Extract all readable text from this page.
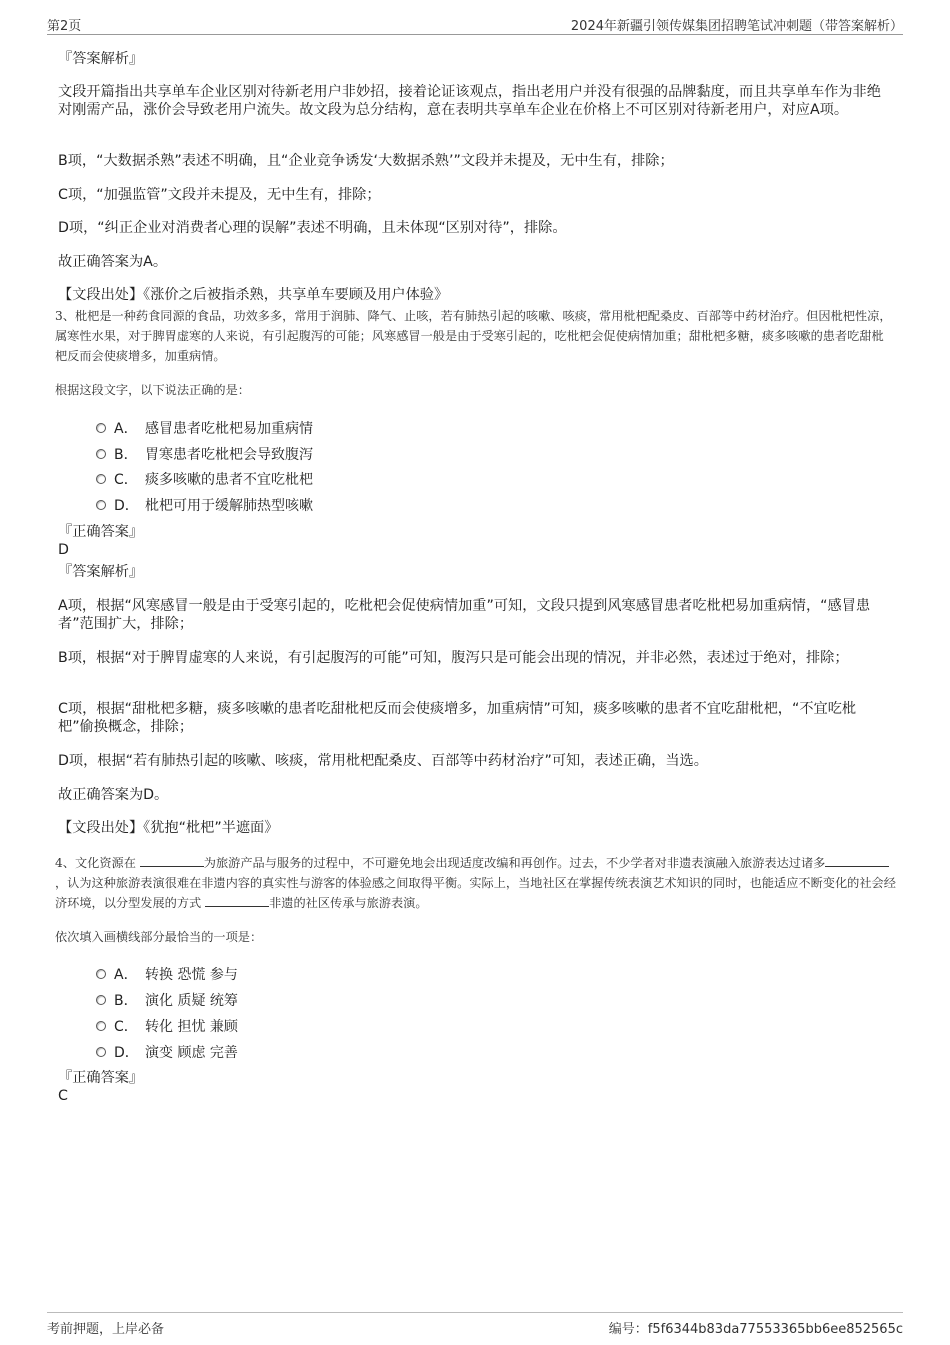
第2页	2024年新疆引领传媒集团招聘笔试冲刺题（带答案解析）
『答案解析』

文段开篇指出共享单车企业区别对待新老用户非妙招，接着论证该观点，指出老用户并没有很强的品牌黏度，而且共享单车作为非绝对刚需产品，涨价会导致老用户流失。故文段为总分结构，意在表明共享单车企业在价格上不可区别对待新老用户，对应A项。

B项，“大数据杀熟”表述不明确，且“企业竞争诱发‘大数据杀熟’”文段并未提及，无中生有，排除；

C项，“加强监管”文段并未提及，无中生有，排除；

D项，“纠正企业对消费者心理的误解”表述不明确，且未体现“区别对待”，排除。

故正确答案为A。

【文段出处】《涨价之后被指杀熟，共享单车要顾及用户体验》

3、枇杷是一种药食同源的食品，功效多多，常用于润肺、降气、止咳，若有肺热引起的咳嗽、咳痰，常用枇杷配桑皮、百部等中药材治疗。但因枇杷性凉，属寒性水果，对于脾胃虚寒的人来说，有引起腹泻的可能；风寒感冒一般是由于受寒引起的，吃枇杷会促使病情加重；甜枇杷多糖，痰多咳嗽的患者吃甜枇杷反而会使痰增多，加重病情。

根据这段文字，以下说法正确的是：

A． 感冒患者吃枇杷易加重病情
B． 胃寒患者吃枇杷会导致腹泻
C． 痰多咳嗽的患者不宜吃枇杷
D． 枇杷可用于缓解肺热型咳嗽
『正确答案』
D
『答案解析』

A项，根据“风寒感冒一般是由于受寒引起的，吃枇杷会促使病情加重”可知，文段只提到风寒感冒患者吃枇杷易加重病情，“感冒患者”范围扩大，排除；

B项，根据“对于脾胃虚寒的人来说，有引起腹泻的可能”可知，腹泻只是可能会出现的情况，并非必然，表述过于绝对，排除；

C项，根据“甜枇杷多糖，痰多咳嗽的患者吃甜枇杷反而会使痰增多，加重病情”可知，痰多咳嗽的患者不宜吃甜枇杷，“不宜吃枇杷”偷换概念，排除；

D项，根据“若有肺热引起的咳嗽、咳痰，常用枇杷配桑皮、百部等中药材治疗”可知，表述正确，当选。

故正确答案为D。

【文段出处】《犹抱“枇杷”半遮面》

4、文化资源在	为旅游产品与服务的过程中，不可避免地会出现适度改编和再创作。过去，不少学者对非遗表演融入旅游表达过诸多，认为这种旅游表演很难在非遗内容的真实性与游客的体验感之间取得平衡。实际上，当地社区在掌握传统表演艺术知识的同时，也能适应不断变化的社会经济环境，以分型发展的方式	非遗的社区传承与旅游表演。

依次填入画横线部分最恰当的一项是：

A． 转换 恐慌 参与
B． 演化 质疑 统筹
C． 转化 担忧 兼顾
D． 演变 顾虑 完善
『正确答案』
C
考前押题，上岸必备	编号：f5f6344b83da77553365bb6ee852565c
